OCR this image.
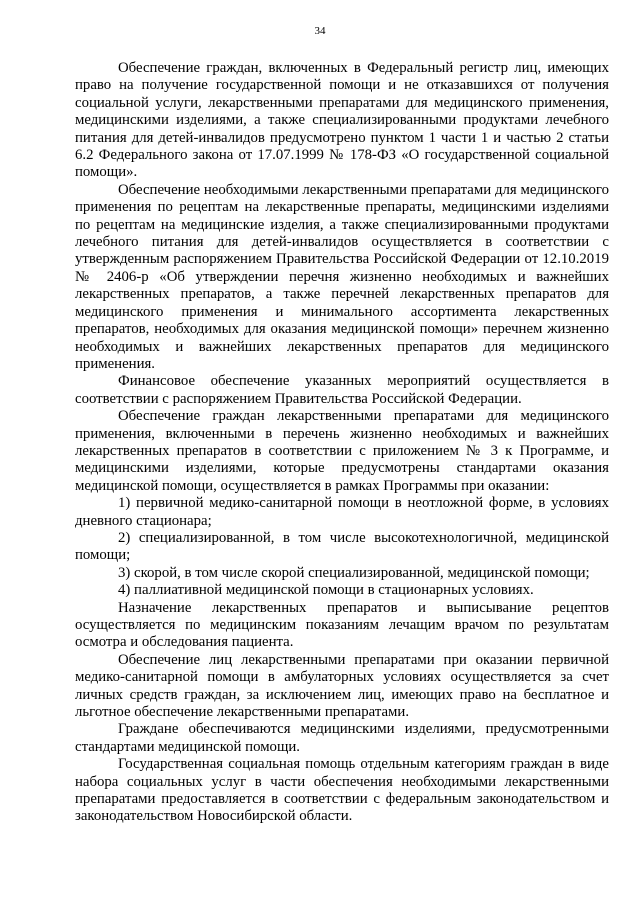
34

Обеспечение граждан, включенных в Федеральный регистр лиц, имеющих право на получение государственной помощи и не отказавшихся от получения социальной услуги, лекарственными препаратами для медицинского применения, медицинскими изделиями, а также специализированными продуктами лечебного питания для детей-инвалидов предусмотрено пунктом 1 части 1 и частью 2 статьи 6.2 Федерального закона от 17.07.1999 № 178-ФЗ «О государственной социальной помощи».

Обеспечение необходимыми лекарственными препаратами для медицинского применения по рецептам на лекарственные препараты, медицинскими изделиями по рецептам на медицинские изделия, а также специализированными продуктами лечебного питания для детей-инвалидов осуществляется в соответствии с утвержденным распоряжением Правительства Российской Федерации от 12.10.2019 № 2406-р «Об утверждении перечня жизненно необходимых и важнейших лекарственных препаратов, а также перечней лекарственных препаратов для медицинского применения и минимального ассортимента лекарственных препаратов, необходимых для оказания медицинской помощи» перечнем жизненно необходимых и важнейших лекарственных препаратов для медицинского применения.

Финансовое обеспечение указанных мероприятий осуществляется в соответствии с распоряжением Правительства Российской Федерации.

Обеспечение граждан лекарственными препаратами для медицинского применения, включенными в перечень жизненно необходимых и важнейших лекарственных препаратов в соответствии с приложением № 3 к Программе, и медицинскими изделиями, которые предусмотрены стандартами оказания медицинской помощи, осуществляется в рамках Программы при оказании:

1) первичной медико-санитарной помощи в неотложной форме, в условиях дневного стационара;

2) специализированной, в том числе высокотехнологичной, медицинской помощи;

3) скорой, в том числе скорой специализированной, медицинской помощи;

4) паллиативной медицинской помощи в стационарных условиях.

Назначение лекарственных препаратов и выписывание рецептов осуществляется по медицинским показаниям лечащим врачом по результатам осмотра и обследования пациента.

Обеспечение лиц лекарственными препаратами при оказании первичной медико-санитарной помощи в амбулаторных условиях осуществляется за счет личных средств граждан, за исключением лиц, имеющих право на бесплатное и льготное обеспечение лекарственными препаратами.

Граждане обеспечиваются медицинскими изделиями, предусмотренными стандартами медицинской помощи.

Государственная социальная помощь отдельным категориям граждан в виде набора социальных услуг в части обеспечения необходимыми лекарственными препаратами предоставляется в соответствии с федеральным законодательством и законодательством Новосибирской области.
